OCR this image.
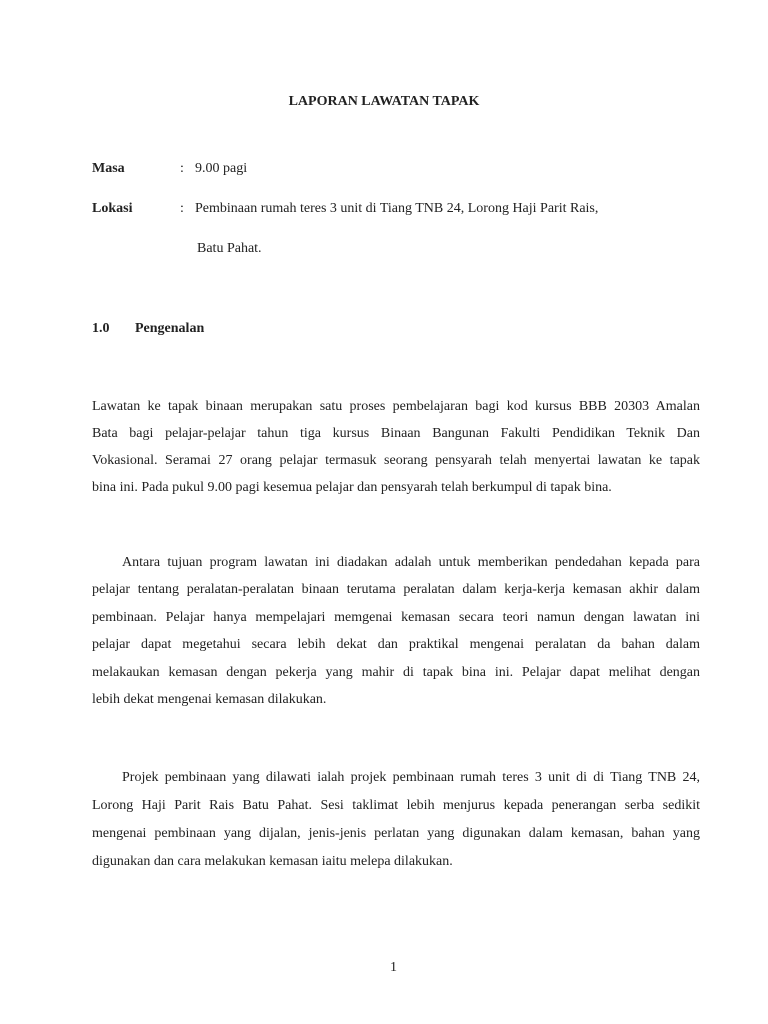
LAPORAN LAWATAN TAPAK
Masa	: 9.00 pagi
Lokasi	: Pembinaan rumah teres 3 unit di Tiang TNB 24, Lorong Haji Parit Rais,
Batu Pahat.
1.0 Pengenalan
Lawatan ke tapak binaan merupakan satu proses pembelajaran bagi kod kursus BBB 20303 Amalan
Bata bagi pelajar-pelajar tahun tiga kursus Binaan Bangunan Fakulti Pendidikan Teknik Dan
Vokasional. Seramai 27 orang pelajar termasuk seorang pensyarah telah menyertai lawatan ke tapak
bina ini. Pada pukul 9.00 pagi kesemua pelajar dan pensyarah telah berkumpul di tapak bina.
Antara tujuan program lawatan ini diadakan adalah untuk memberikan pendedahan kepada para
pelajar tentang peralatan-peralatan binaan terutama peralatan dalam kerja-kerja kemasan akhir dalam
pembinaan. Pelajar hanya mempelajari memgenai kemasan secara teori namun dengan lawatan ini
pelajar dapat megetahui secara lebih dekat dan praktikal mengenai peralatan da bahan dalam
melakaukan kemasan dengan pekerja yang mahir di tapak bina ini. Pelajar dapat melihat dengan
lebih dekat mengenai kemasan dilakukan.
Projek pembinaan yang dilawati ialah projek pembinaan rumah teres 3 unit di di Tiang TNB 24,
Lorong Haji Parit Rais Batu Pahat. Sesi taklimat lebih menjurus kepada penerangan serba sedikit
mengenai pembinaan yang dijalan, jenis-jenis perlatan yang digunakan dalam kemasan, bahan yang
digunakan dan cara melakukan kemasan iaitu melepa dilakukan.
1
